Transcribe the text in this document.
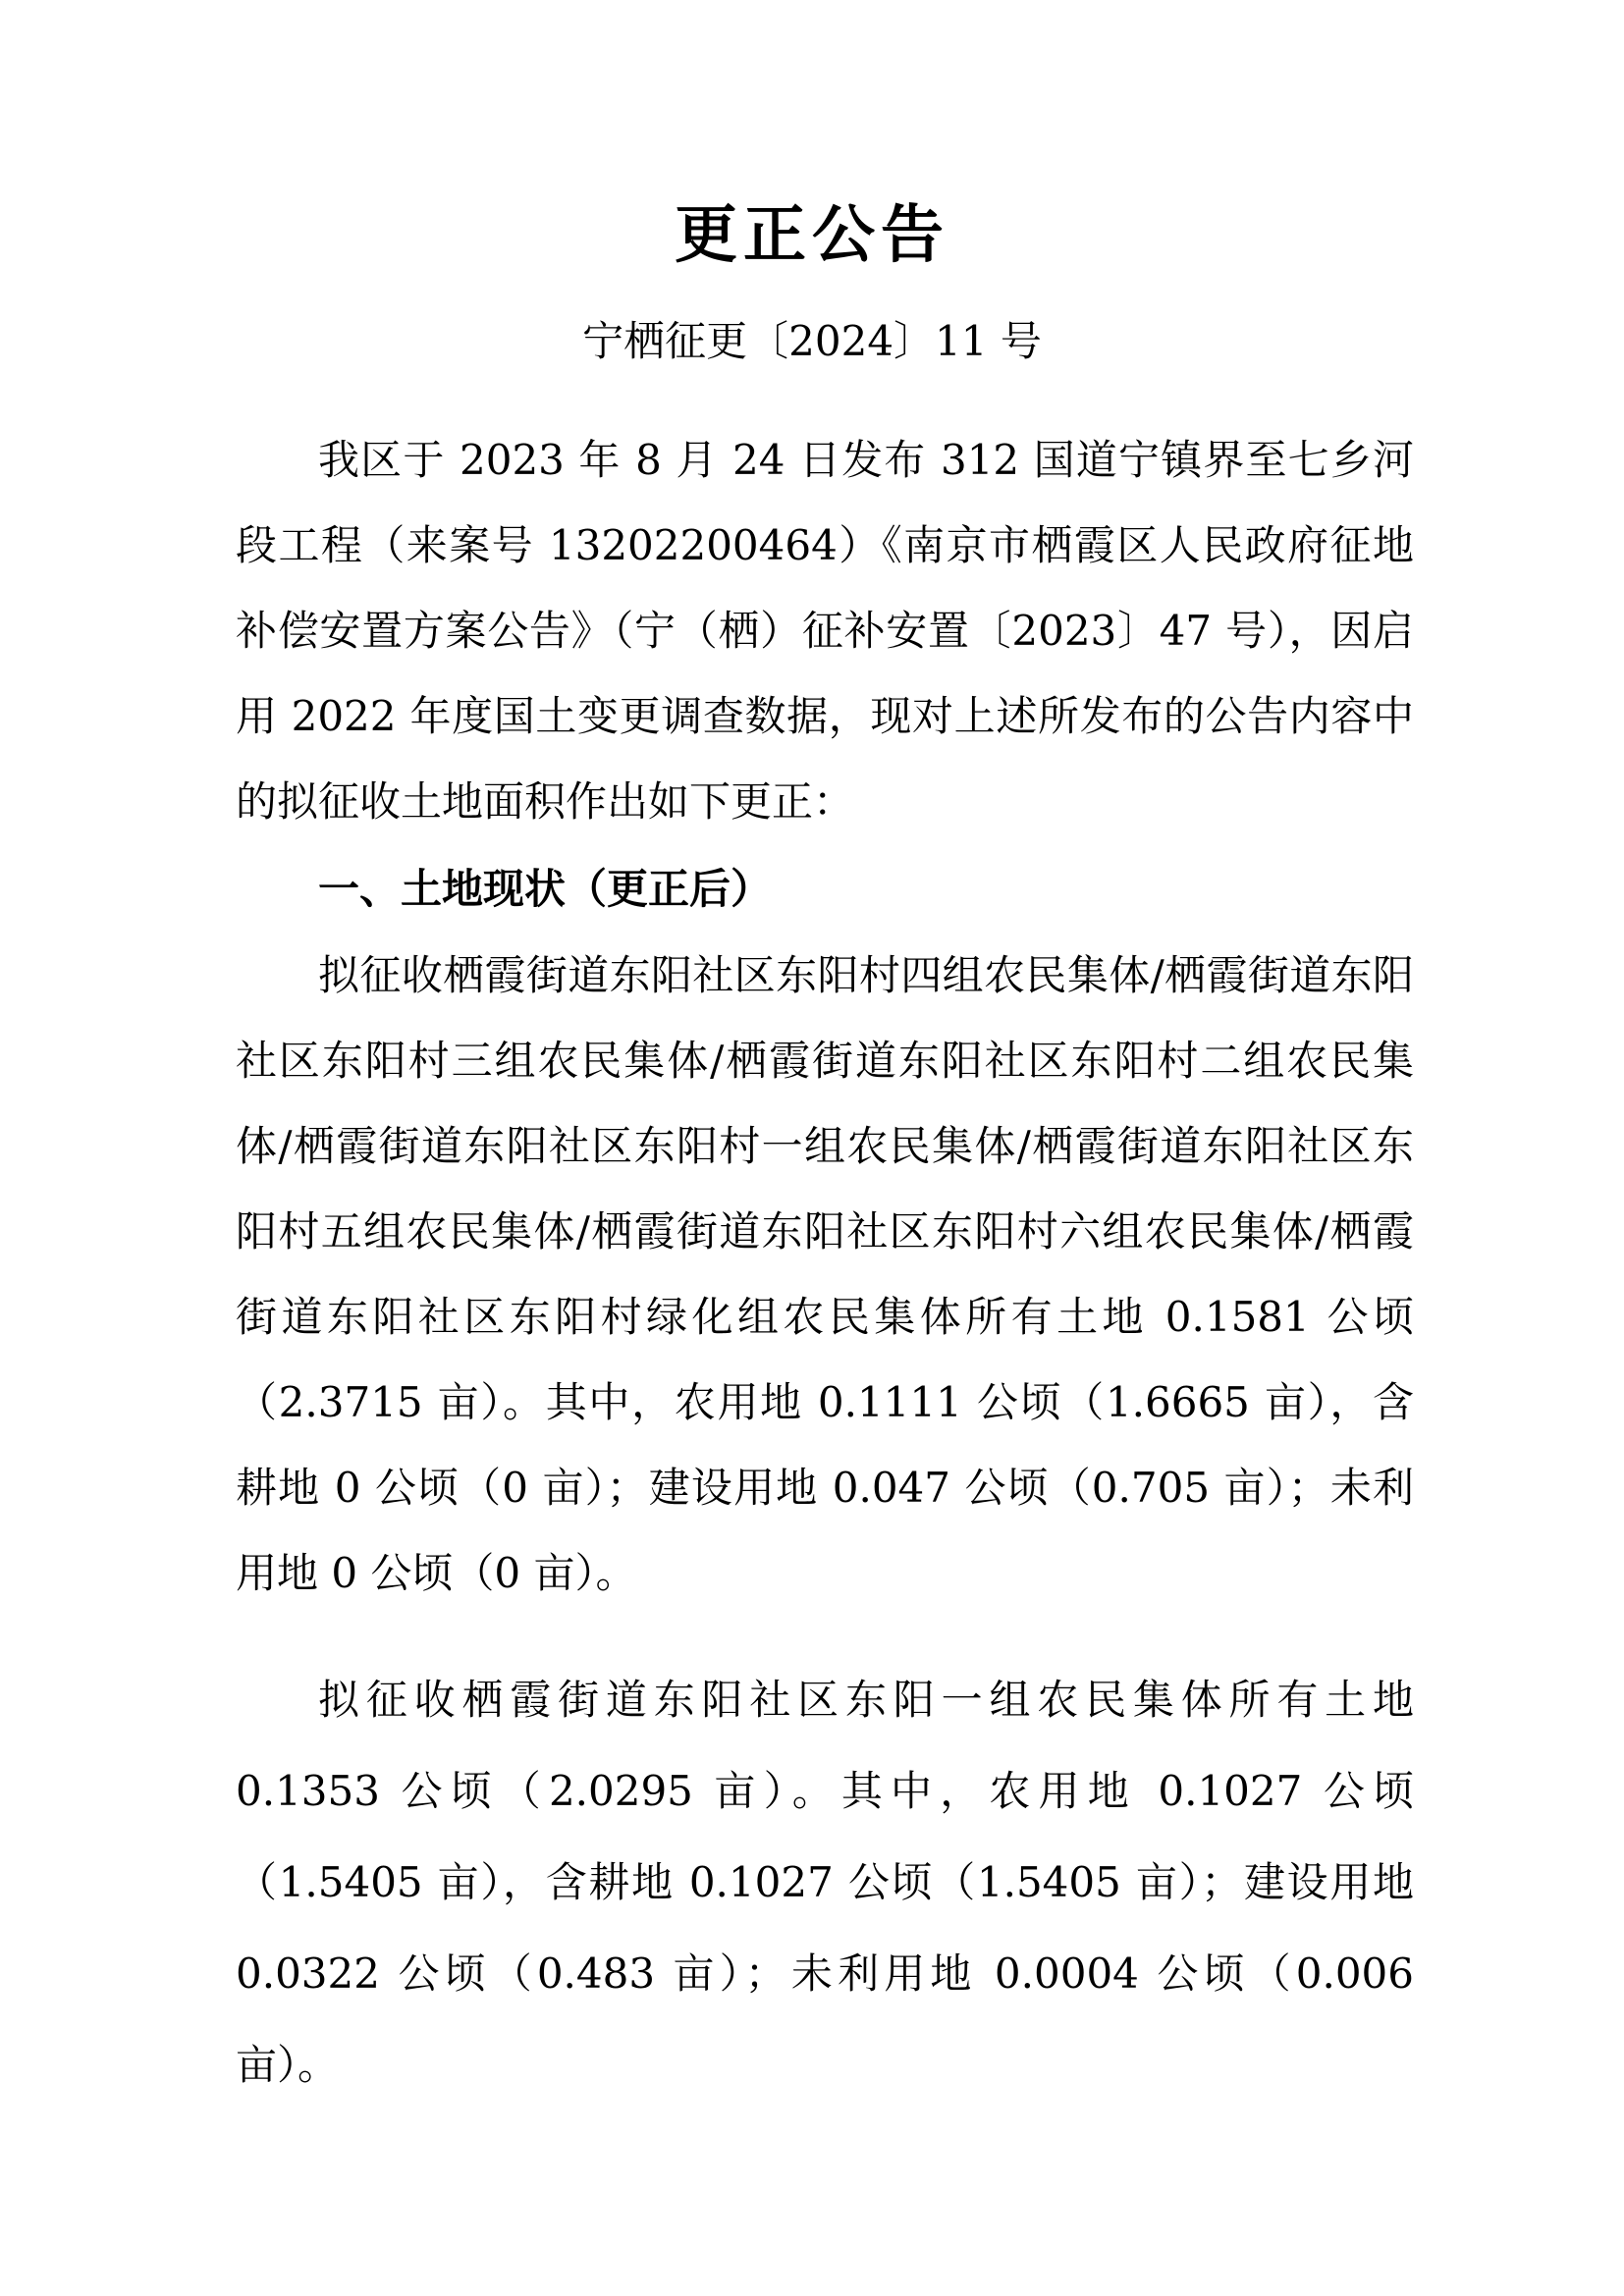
更正公告
宁栖征更〔2024〕11 号

我区于 2023 年 8 月 24 日发布 312 国道宁镇界至七乡河段工程（来案号 13202200464）《南京市栖霞区人民政府征地补偿安置方案公告》（宁（栖）征补安置〔2023〕47 号），因启用 2022 年度国土变更调查数据，现对上述所发布的公告内容中的拟征收土地面积作出如下更正：

一、土地现状（更正后）

拟征收栖霞街道东阳社区东阳村四组农民集体/栖霞街道东阳社区东阳村三组农民集体/栖霞街道东阳社区东阳村二组农民集体/栖霞街道东阳社区东阳村一组农民集体/栖霞街道东阳社区东阳村五组农民集体/栖霞街道东阳社区东阳村六组农民集体/栖霞街道东阳社区东阳村绿化组农民集体所有土地 0.1581 公顷（2.3715 亩）。其中，农用地 0.1111 公顷（1.6665 亩），含耕地 0 公顷（0 亩）；建设用地 0.047 公顷（0.705 亩）；未利用地 0 公顷（0 亩）。

拟征收栖霞街道东阳社区东阳一组农民集体所有土地 0.1353 公顷（2.0295 亩）。其中，农用地 0.1027 公顷（1.5405 亩），含耕地 0.1027 公顷（1.5405 亩）；建设用地 0.0322 公顷（0.483 亩）；未利用地 0.0004 公顷（0.006 亩）。
